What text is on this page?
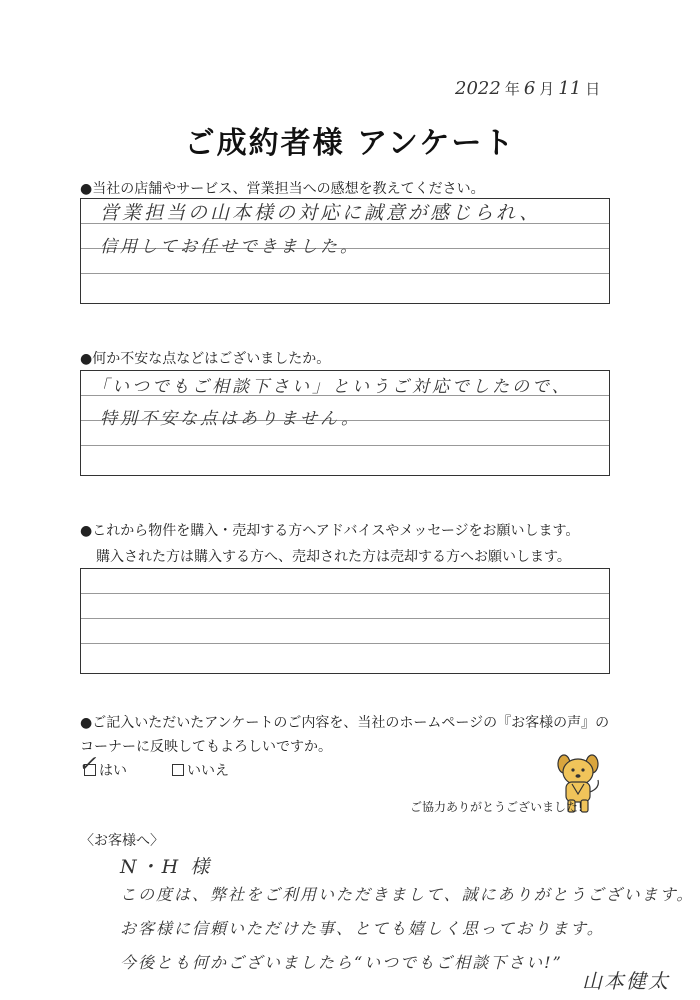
2022 年 6 月 11 日
ご成約者様 アンケート
●当社の店舗やサービス、営業担当への感想を教えてください。
営業担当の山本様の対応に誠意が感じられ、
信用してお任せできました。
●何か不安な点などはございましたか。
「いつでもご相談下さい」というご対応でしたので、
特別不安な点はありません。
●これから物件を購入・売却する方へアドバイスやメッセージをお願いします。
購入された方は購入する方へ、売却された方は売却する方へお願いします。
●ご記入いただいたアンケートのご内容を、当社のホームページの『お客様の声』の
コーナーに反映してもよろしいですか。
はい
✓	いいえ
ご協力ありがとうございました!
〈お客様へ〉
N・H 様
この度は、弊社をご利用いただきまして、誠にありがとうございます。
お客様に信頼いただけた事、とても嬉しく思っております。
今後とも何かございましたら“いつでもご相談下さい!”
山本健太
